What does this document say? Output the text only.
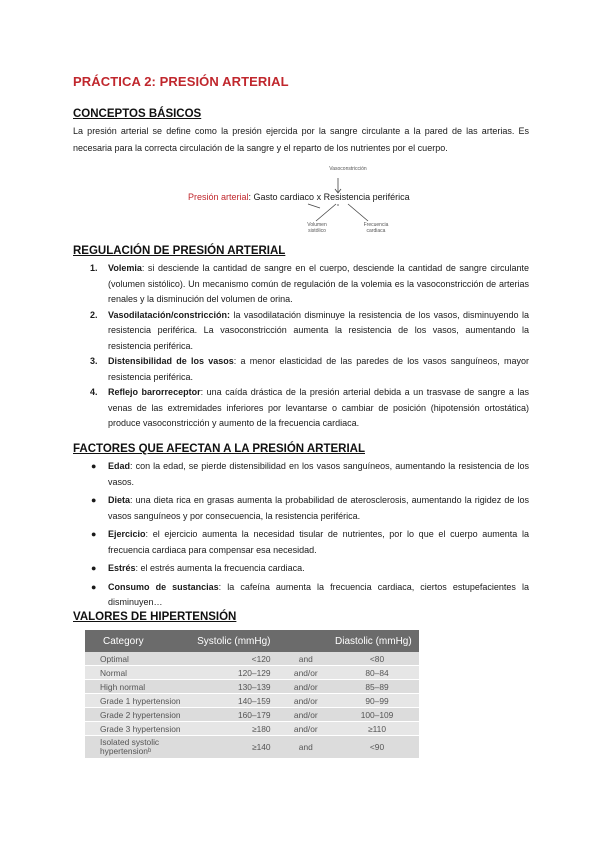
PRÁCTICA 2: PRESIÓN ARTERIAL
CONCEPTOS BÁSICOS
La presión arterial se define como la presión ejercida por la sangre circulante a la pared de las arterias. Es necesaria para la correcta circulación de la sangre y el reparto de los nutrientes por el cuerpo.
Vasoconstricción
Presión arterial: Gasto cardiaco x Resistencia periférica
Volumen sistólico
Frecuencia cardiaca
REGULACIÓN DE PRESIÓN ARTERIAL
1. Volemia: si desciende la cantidad de sangre en el cuerpo, desciende la cantidad de sangre circulante (volumen sistólico). Un mecanismo común de regulación de la volemia es la vasoconstricción de arterias renales y la disminución del volumen de orina.
2. Vasodilatación/constricción: la vasodilatación disminuye la resistencia de los vasos, disminuyendo la resistencia periférica. La vasoconstricción aumenta la resistencia de los vasos, aumentando la resistencia periférica.
3. Distensibilidad de los vasos: a menor elasticidad de las paredes de los vasos sanguíneos, mayor resistencia periférica.
4. Reflejo barorreceptor: una caída drástica de la presión arterial debida a un trasvase de sangre a las venas de las extremidades inferiores por levantarse o cambiar de posición (hipotensión ortostática) produce vasoconstricción y aumento de la frecuencia cardiaca.
FACTORES QUE AFECTAN A LA PRESIÓN ARTERIAL
● Edad: con la edad, se pierde distensibilidad en los vasos sanguíneos, aumentando la resistencia de los vasos.
● Dieta: una dieta rica en grasas aumenta la probabilidad de aterosclerosis, aumentando la rigidez de los vasos sanguíneos y por consecuencia, la resistencia periférica.
● Ejercicio: el ejercicio aumenta la necesidad tisular de nutrientes, por lo que el cuerpo aumenta la frecuencia cardiaca para compensar esa necesidad.
● Estrés: el estrés aumenta la frecuencia cardiaca.
● Consumo de sustancias: la cafeína aumenta la frecuencia cardiaca, ciertos estupefacientes la disminuyen…
VALORES DE HIPERTENSIÓN
Category	Systolic (mmHg)		Diastolic (mmHg)
Optimal	<120	and	<80
Normal	120–129	and/or	80–84
High normal	130–139	and/or	85–89
Grade 1 hypertension	140–159	and/or	90–99
Grade 2 hypertension	160–179	and/or	100–109
Grade 3 hypertension	≥180	and/or	≥110
Isolated systolic hypertensionᵇ	≥140	and	<90
